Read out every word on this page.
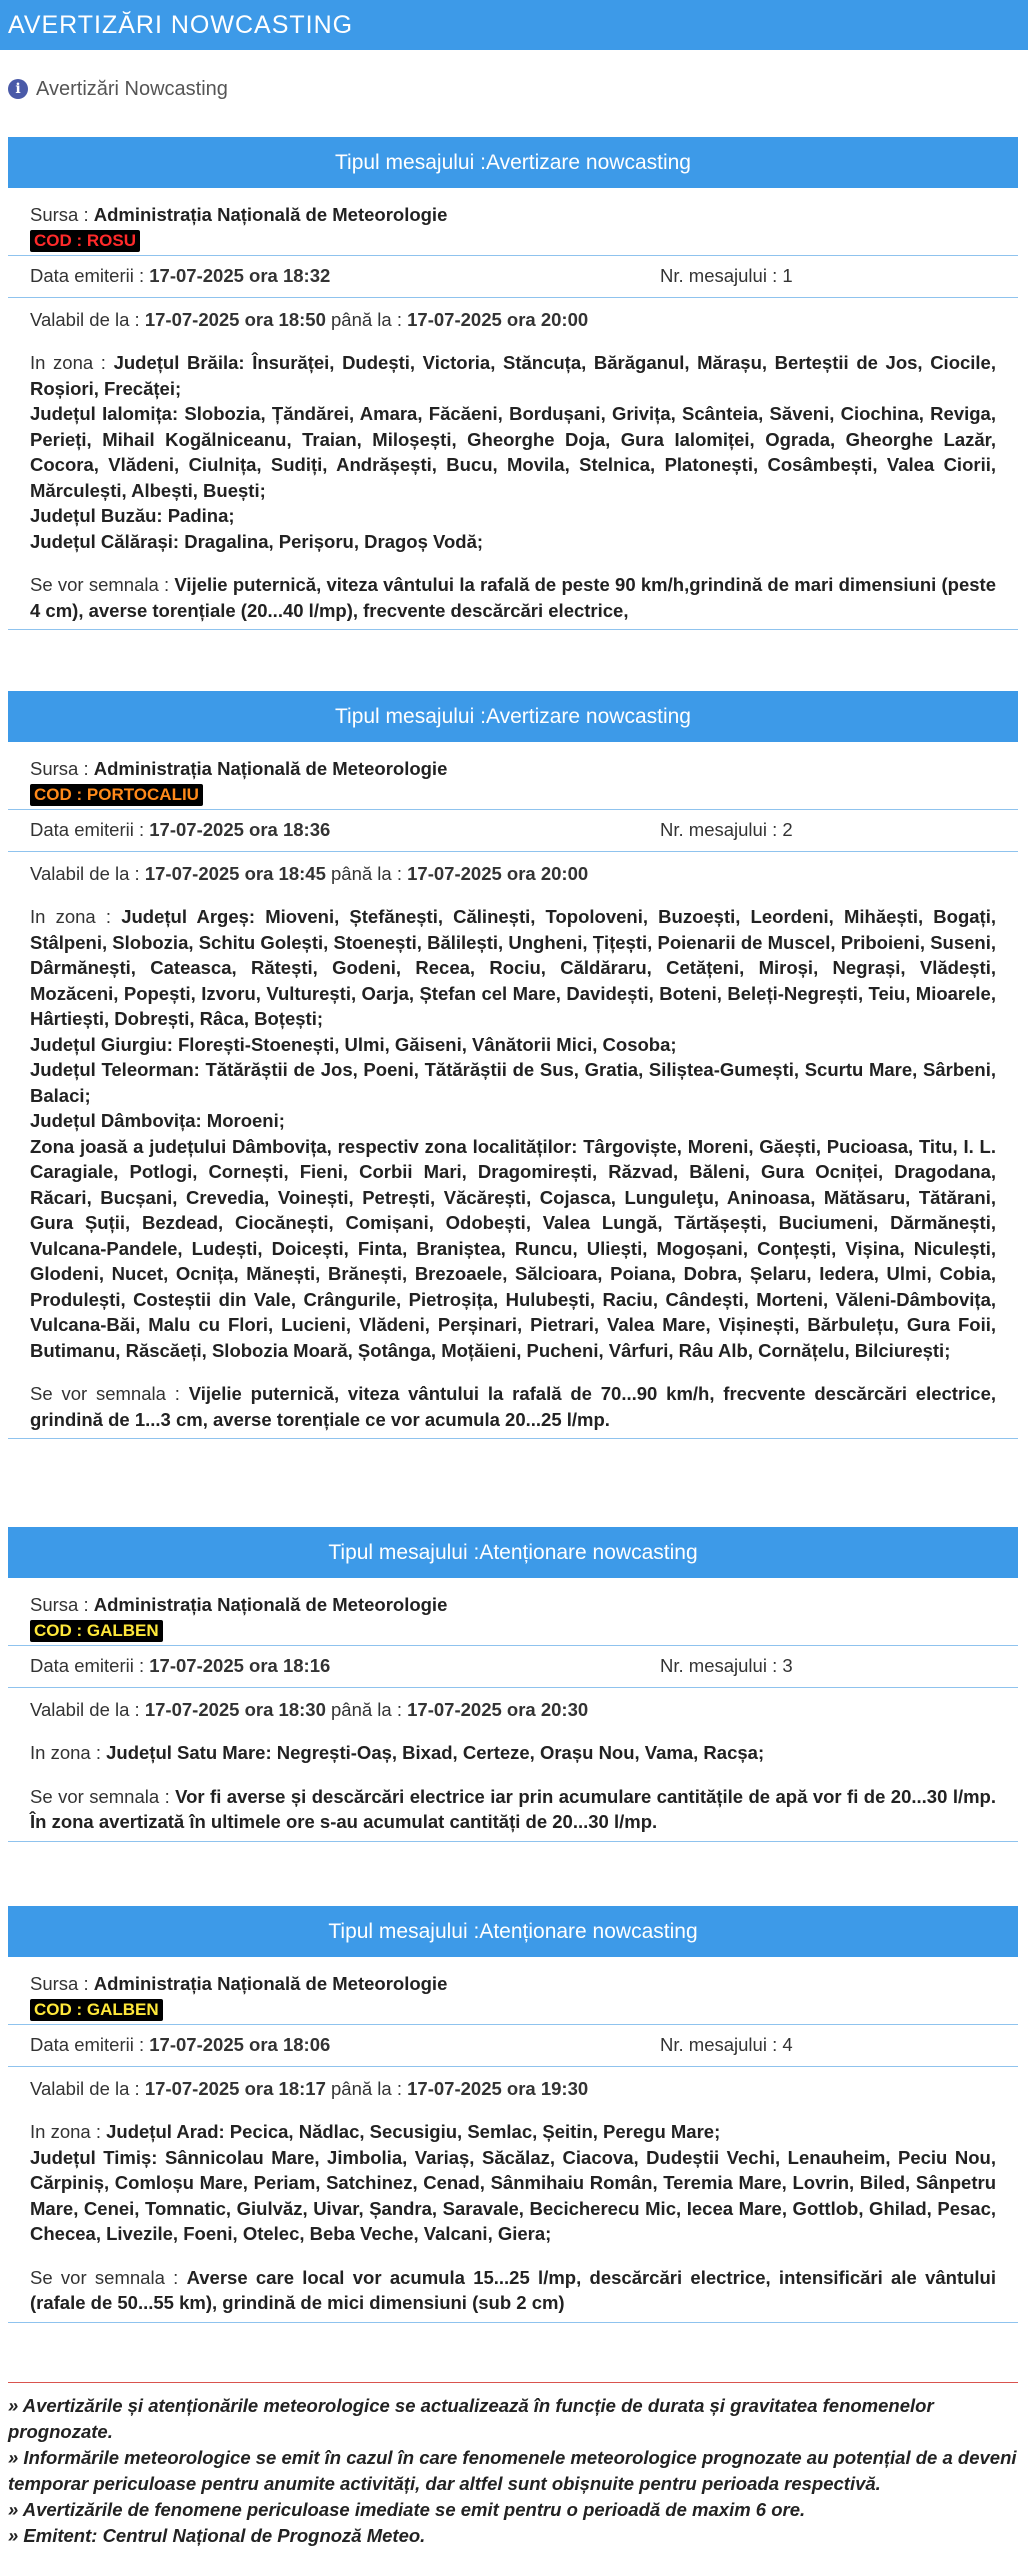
AVERTIZĂRI NOWCASTING
i Avertizări Nowcasting
Tipul mesajului : Avertizare nowcasting
Sursa : Administrația Națională de Meteorologie
COD : ROSU
Data emiterii : 17-07-2025 ora 18:32	Nr. mesajului : 1
Valabil de la : 17-07-2025 ora 18:50 până la : 17-07-2025 ora 20:00
In zona : Județul Brăila: Însurăței, Dudești, Victoria, Stăncuța, Bărăganul, Mărașu, Berteștii de Jos, Ciocile, Roșiori, Frecăței;
Județul Ialomița: Slobozia, Țăndărei, Amara, Făcăeni, Bordușani, Grivița, Scânteia, Săveni, Ciochina, Reviga, Perieți, Mihail Kogălniceanu, Traian, Miloșești, Gheorghe Doja, Gura Ialomiței, Ograda, Gheorghe Lazăr, Cocora, Vlădeni, Ciulnița, Sudiți, Andrășești, Bucu, Movila, Stelnica, Platonești, Cosâmbești, Valea Ciorii, Mărculești, Albești, Buești;
Județul Buzău: Padina;
Județul Călărași: Dragalina, Perișoru, Dragoș Vodă;
Se vor semnala : Vijelie puternică, viteza vântului la rafală de peste 90 km/h,grindină de mari dimensiuni (peste 4 cm), averse torențiale (20...40 l/mp), frecvente descărcări electrice,
Tipul mesajului : Avertizare nowcasting
Sursa : Administrația Națională de Meteorologie
COD : PORTOCALIU
Data emiterii : 17-07-2025 ora 18:36	Nr. mesajului : 2
Valabil de la : 17-07-2025 ora 18:45 până la : 17-07-2025 ora 20:00
In zona : Județul Argeș: Mioveni, Ștefănești, Călinești, Topoloveni, Buzoești, Leordeni, Mihăești, Bogați, Stâlpeni, Slobozia, Schitu Golești, Stoenești, Bălilești, Ungheni, Țițești, Poienarii de Muscel, Priboieni, Suseni, Dârmănești, Cateasca, Rătești, Godeni, Recea, Rociu, Căldăraru, Cetățeni, Miroși, Negrași, Vlădești, Mozăceni, Popești, Izvoru, Vulturești, Oarja, Ștefan cel Mare, Davidești, Boteni, Beleți-Negrești, Teiu, Mioarele, Hârtiești, Dobrești, Râca, Boțești;
Județul Giurgiu: Florești-Stoenești, Ulmi, Găiseni, Vânătorii Mici, Cosoba;
Județul Teleorman: Tătărăștii de Jos, Poeni, Tătărăștii de Sus, Gratia, Siliștea-Gumești, Scurtu Mare, Sârbeni, Balaci;
Județul Dâmbovița: Moroeni;
Zona joasă a județului Dâmbovița, respectiv zona localităților: Târgoviște, Moreni, Găești, Pucioasa, Titu, I. L. Caragiale, Potlogi, Cornești, Fieni, Corbii Mari, Dragomirești, Răzvad, Băleni, Gura Ocniței, Dragodana, Răcari, Bucșani, Crevedia, Voinești, Petrești, Văcărești, Cojasca, Lunguleţu, Aninoasa, Mătăsaru, Tătărani, Gura Șuții, Bezdead, Ciocănești, Comișani, Odobești, Valea Lungă, Tărtășești, Buciumeni, Dărmănești, Vulcana-Pandele, Ludești, Doicești, Finta, Braniștea, Runcu, Uliești, Mogoșani, Conțești, Vișina, Niculești, Glodeni, Nucet, Ocnița, Mănești, Brănești, Brezoaele, Sălcioara, Poiana, Dobra, Șelaru, Iedera, Ulmi, Cobia, Produlești, Costeștii din Vale, Crângurile, Pietroșița, Hulubești, Raciu, Cândești, Morteni, Văleni-Dâmbovița, Vulcana-Băi, Malu cu Flori, Lucieni, Vlădeni, Perșinari, Pietrari, Valea Mare, Vișinești, Bărbulețu, Gura Foii, Butimanu, Răscăeți, Slobozia Moară, Șotânga, Moțăieni, Pucheni, Vârfuri, Râu Alb, Cornățelu, Bilciurești;
Se vor semnala : Vijelie puternică, viteza vântului la rafală de 70...90 km/h, frecvente descărcări electrice, grindină de 1...3 cm, averse torențiale ce vor acumula 20...25 l/mp.
Tipul mesajului : Atenționare nowcasting
Sursa : Administrația Națională de Meteorologie
COD : GALBEN
Data emiterii : 17-07-2025 ora 18:16	Nr. mesajului : 3
Valabil de la : 17-07-2025 ora 18:30 până la : 17-07-2025 ora 20:30
In zona : Județul Satu Mare: Negrești-Oaș, Bixad, Certeze, Orașu Nou, Vama, Racșa;
Se vor semnala : Vor fi averse și descărcări electrice iar prin acumulare cantitățile de apă vor fi de 20...30 l/mp. În zona avertizată în ultimele ore s-au acumulat cantități de 20...30 l/mp.
Tipul mesajului : Atenționare nowcasting
Sursa : Administrația Națională de Meteorologie
COD : GALBEN
Data emiterii : 17-07-2025 ora 18:06	Nr. mesajului : 4
Valabil de la : 17-07-2025 ora 18:17 până la : 17-07-2025 ora 19:30
In zona : Județul Arad: Pecica, Nădlac, Secusigiu, Semlac, Șeitin, Peregu Mare;
Județul Timiș: Sânnicolau Mare, Jimbolia, Variaș, Săcălaz, Ciacova, Dudeștii Vechi, Lenauheim, Peciu Nou, Cărpiniș, Comloșu Mare, Periam, Satchinez, Cenad, Sânmihaiu Român, Teremia Mare, Lovrin, Biled, Sânpetru Mare, Cenei, Tomnatic, Giulvăz, Uivar, Șandra, Saravale, Becicherecu Mic, Iecea Mare, Gottlob, Ghilad, Pesac, Checea, Livezile, Foeni, Otelec, Beba Veche, Valcani, Giera;
Se vor semnala : Averse care local vor acumula 15...25 l/mp, descărcări electrice, intensificări ale vântului (rafale de 50...55 km), grindină de mici dimensiuni (sub 2 cm)
» Avertizările și atenționările meteorologice se actualizează în funcție de durata și gravitatea fenomenelor prognozate.
» Informările meteorologice se emit în cazul în care fenomenele meteorologice prognozate au potențial de a deveni temporar periculoase pentru anumite activități, dar altfel sunt obișnuite pentru perioada respectivă.
» Avertizările de fenomene periculoase imediate se emit pentru o perioadă de maxim 6 ore.
» Emitent: Centrul Național de Prognoză Meteo.
